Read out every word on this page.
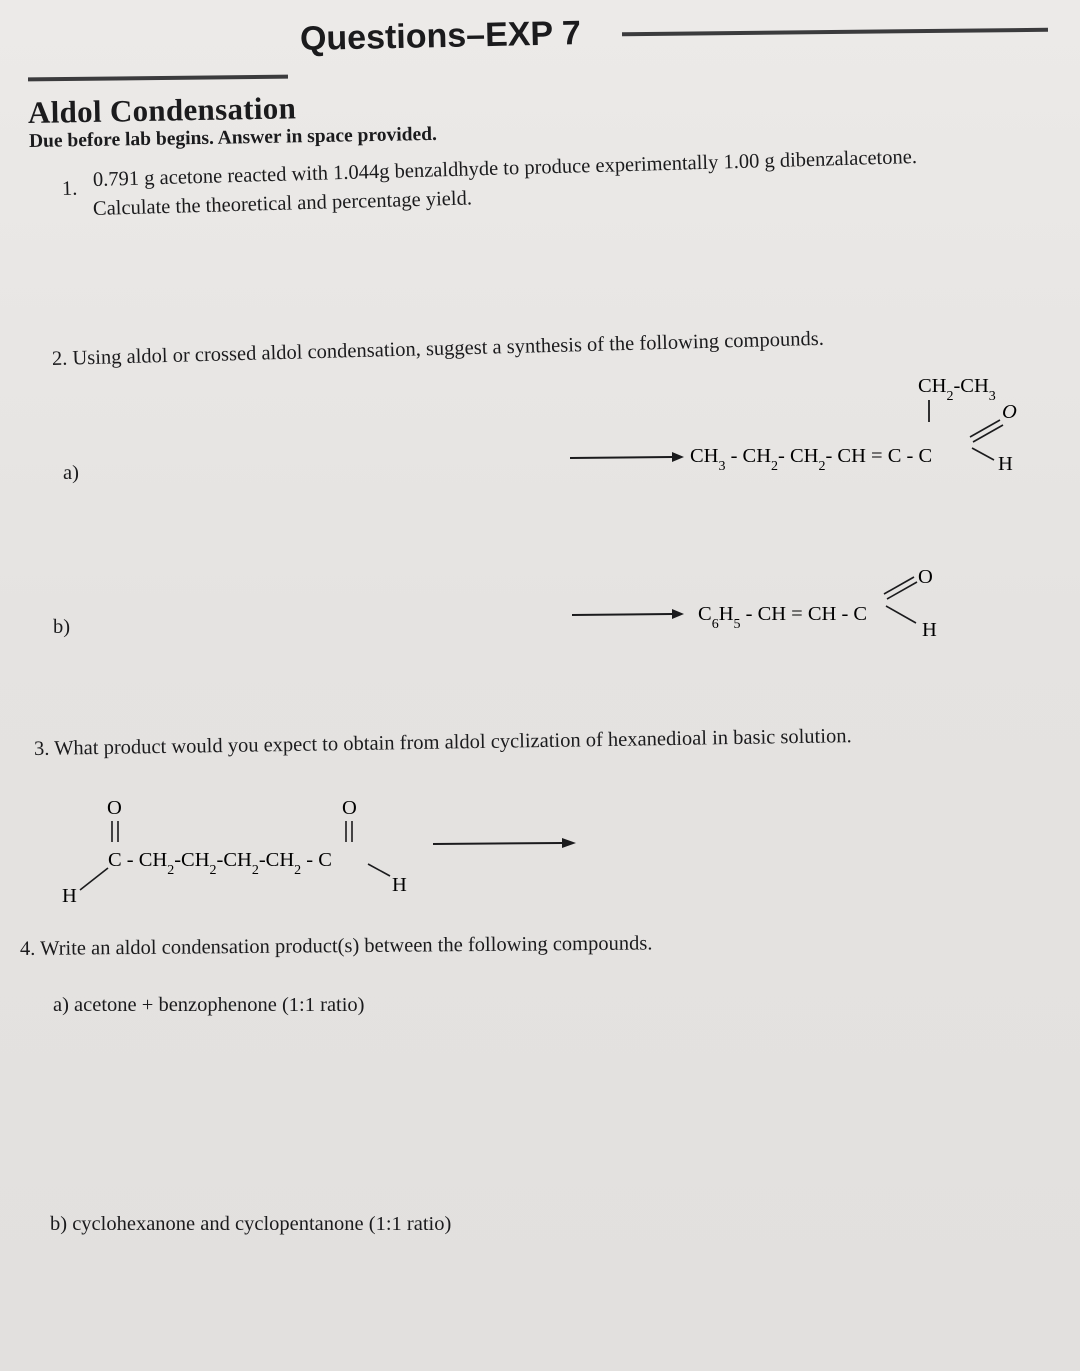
Questions–EXP 7
Aldol Condensation
Due before lab begins. Answer in space provided.
1. 0.791 g acetone reacted with 1.044g benzaldhyde to produce experimentally 1.00 g dibenzalacetone.
Calculate the theoretical and percentage yield.
2. Using aldol or crossed aldol condensation, suggest a synthesis of the following compounds.
a)
$CH_3 - CH_2-$ $CH_2-$ CH = C - C
$CH_2-CH_3$
O
H
b)
$C_6H_5$ - CH = CH - C
O
H
3. What product would you expect to obtain from aldol cyclization of hexanedioal in basic solution.
O	O
C - $CH_2-CH_2-CH_2-CH_2$ - C
H	H
4. Write an aldol condensation product(s) between the following compounds.
a) acetone + benzophenone (1:1 ratio)
b) cyclohexanone and cyclopentanone (1:1 ratio)
